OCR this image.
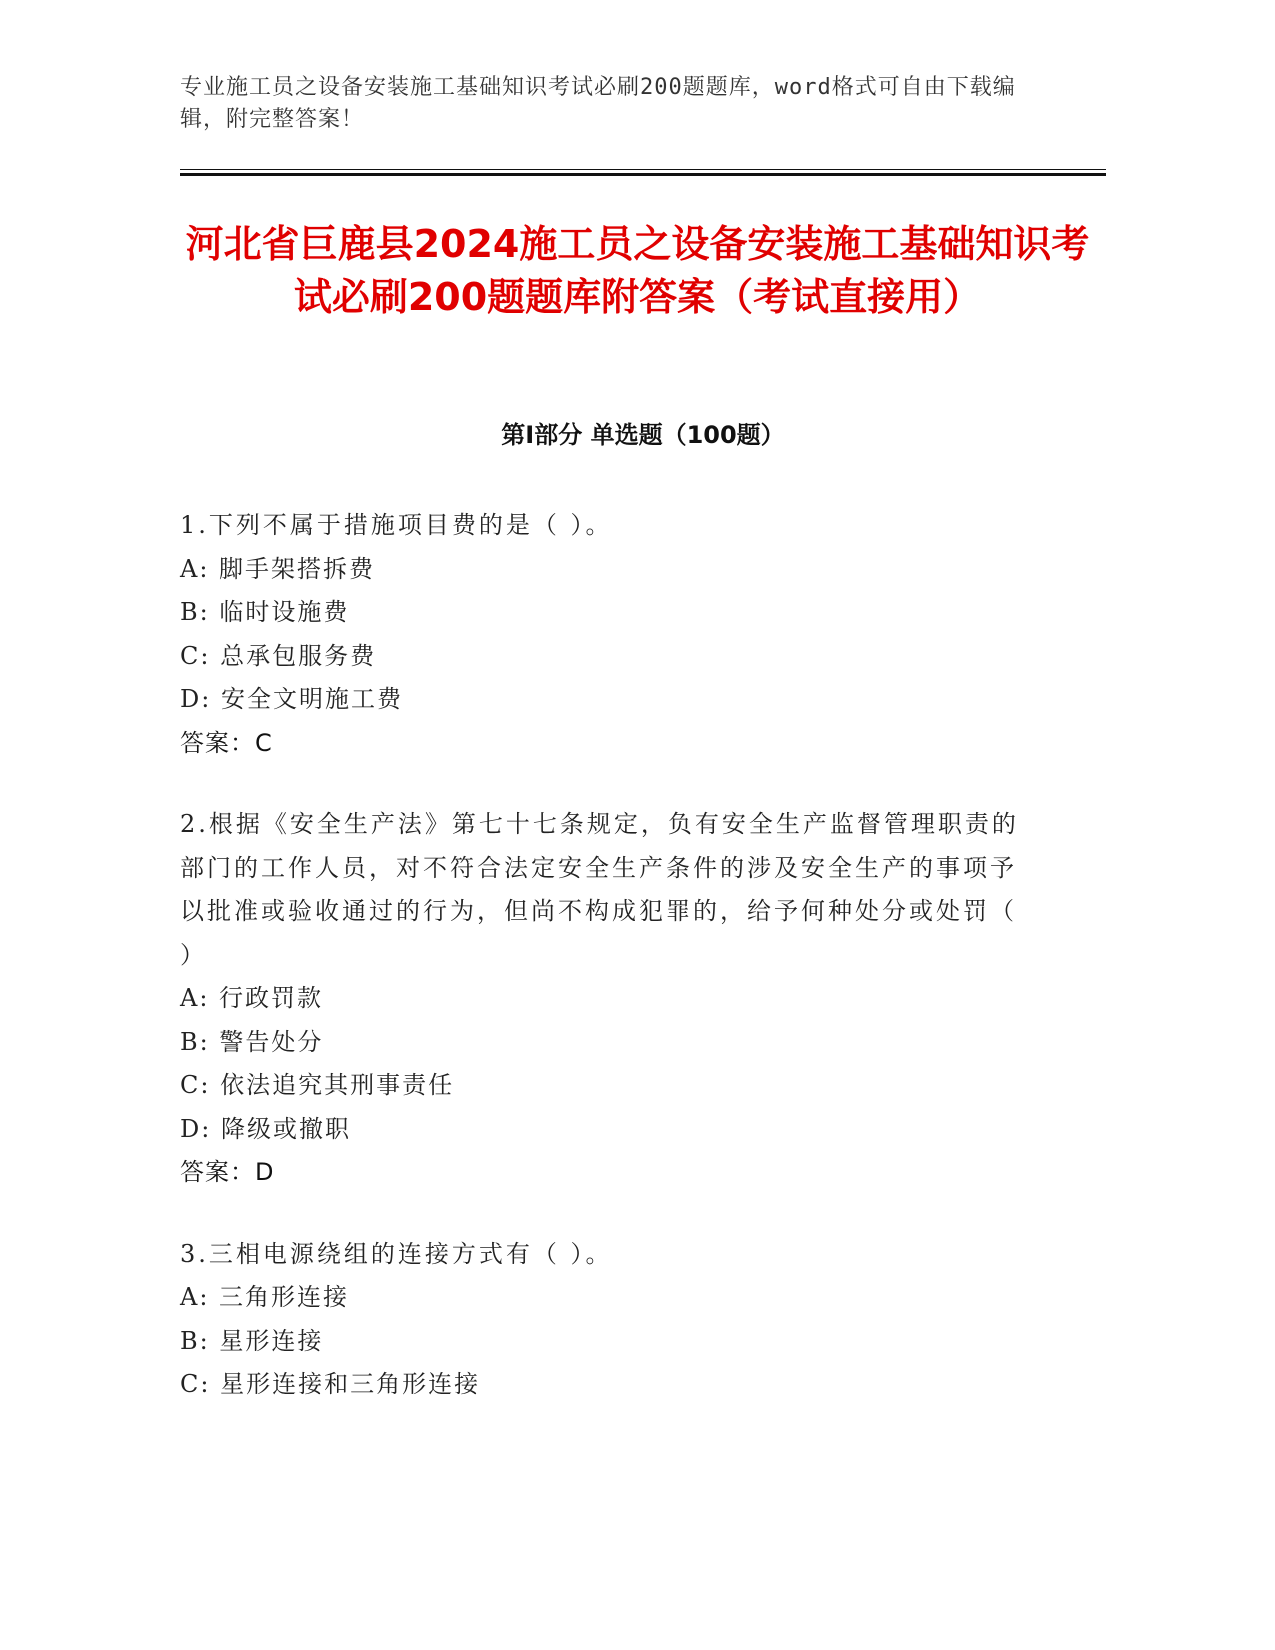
专业施工员之设备安装施工基础知识考试必刷200题题库，word格式可自由下载编辑，附完整答案！
河北省巨鹿县2024施工员之设备安装施工基础知识考试必刷200题题库附答案（考试直接用）
第I部分 单选题（100题）

1.下列不属于措施项目费的是（ ）。

A: 脚手架搭拆费

B: 临时设施费

C: 总承包服务费

D: 安全文明施工费

答案：C

2.根据《安全生产法》第七十七条规定，负有安全生产监督管理职责的部门的工作人员，对不符合法定安全生产条件的涉及安全生产的事项予以批准或验收通过的行为，但尚不构成犯罪的，给予何种处分或处罚（ ）

A: 行政罚款

B: 警告处分

C: 依法追究其刑事责任

D: 降级或撤职

答案：D

3.三相电源绕组的连接方式有（ ）。

A: 三角形连接

B: 星形连接

C: 星形连接和三角形连接
